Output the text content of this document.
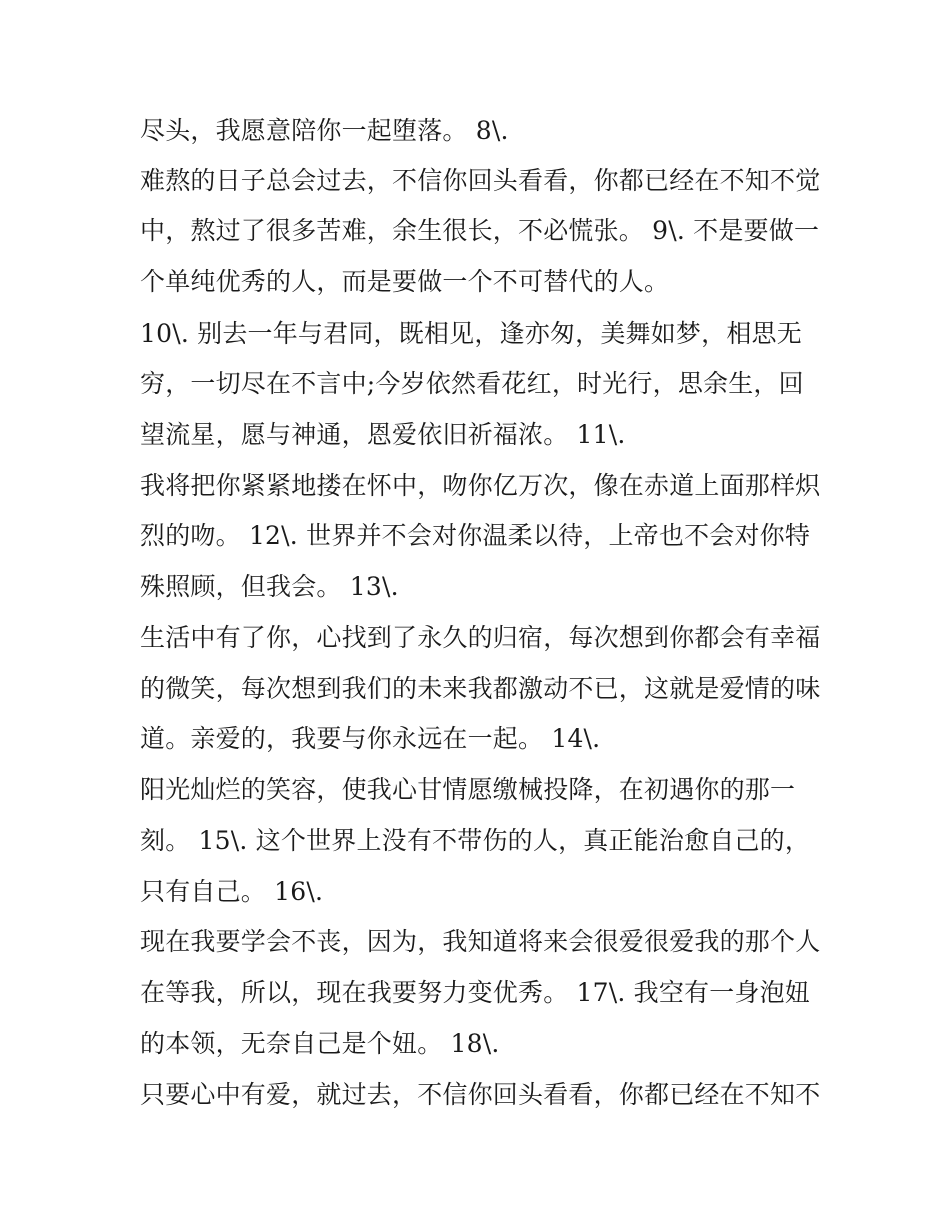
尽头，我愿意陪你一起堕落。 8\.
难熬的日子总会过去，不信你回头看看，你都已经在不知不觉
中，熬过了很多苦难，余生很长，不必慌张。 9\. 不是要做一
个单纯优秀的人，而是要做一个不可替代的人。
10\. 别去一年与君同，既相见，逢亦匆，美舞如梦，相思无
穷，一切尽在不言中;今岁依然看花红，时光行，思余生，回
望流星，愿与神通，恩爱依旧祈福浓。 11\.
我将把你紧紧地搂在怀中，吻你亿万次，像在赤道上面那样炽
烈的吻。 12\. 世界并不会对你温柔以待，上帝也不会对你特
殊照顾，但我会。 13\.
生活中有了你，心找到了永久的归宿，每次想到你都会有幸福
的微笑，每次想到我们的未来我都激动不已，这就是爱情的味
道。亲爱的，我要与你永远在一起。 14\.
阳光灿烂的笑容，使我心甘情愿缴械投降，在初遇你的那一
刻。 15\. 这个世界上没有不带伤的人，真正能治愈自己的，
只有自己。 16\.
现在我要学会不丧，因为，我知道将来会很爱很爱我的那个人
在等我，所以，现在我要努力变优秀。 17\. 我空有一身泡妞
的本领，无奈自己是个妞。 18\.
只要心中有爱，就过去，不信你回头看看，你都已经在不知不
